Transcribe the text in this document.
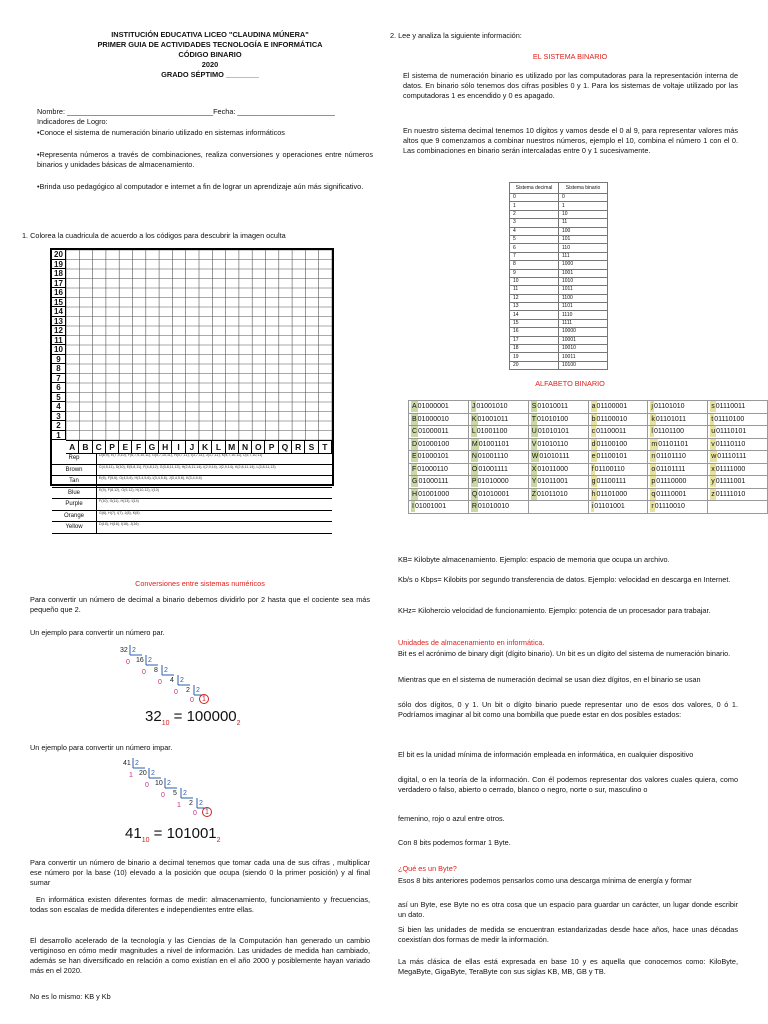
INSTITUCIÓN EDUCATIVA LICEO "CLAUDINA MÚNERA"
PRIMER GUIA DE ACTIVIDADES TECNOLOGÍA E INFORMÁTICA
CÓDIGO BINARIO
2020
GRADO SÉPTIMO ________
Nombre: ____________________________________Fecha: ________________________
Indicadores de Logro:
•Conoce el sistema de numeración binario utilizado en sistemas informáticos
•Representa números a través de combinaciones, realiza conversiones y operaciones entre números binarios y unidades básicas de almacenamiento.
•Brinda uso pedagógico al computador e internet a fin de lograr un aprendizaje aún más significativo.
1. Colorea la cuadricula de acuerdo a los códigos para descubrir la imagen oculta
20
19
18
17
16
15
14
13
12
11
10
9
8
7
6
5
4
3
2
1
A B C P E F G H	I	J K L M N O P Q R S T
Rep	D(8,9), E(7,9,10), F(6,7,9,10,11), G(5,7,10,11), H(4,7,11), I(3,7,11), J(3,7,11), K(4,7,10,11), L(5,7,10,11)
Brown	C(4,5,11), D(10), E(5,8,11), F(4,8,12), G(3,8,11,13), H(2,8,11,14), I(2,9,14), J(2,9,14), K(2,8,11,14), L(3,8,11,13)
Tan	E(6), F(5,6), G(4,5,6), H(3,4,5,6), I(3,4,5,6), J(3,4,5,6), K(3,4,5,6)
Blue	E(9), F(8,12), G(9,12), H(10,12), I(10)
Purple	F(10), G(11), H(13), I(14)
Orange	G(6), H(7), I(7), J(8), K(8)
Yellow	D(15), H(16), I(16), J(16)
Conversiones entre sistemas numéricos
Para convertir un número de decimal a binario debemos dividirlo por 2 hasta que el cociente sea más pequeño que 2.
Un ejemplo para convertir un número par.
32 2
16 2
8 2
4 2
2 2
1
0
0
0
0
0
$32_{10} = 100000_2$
Un ejemplo para convertir un número impar.
41 2
20 2
10 2
5 2
2 2
1
1
0
0
1
0
$41_{10} = 101001_2$
Para convertir un número de binario a decimal tenemos que tomar cada una de sus cifras , multiplicar ese número por la base (10) elevado a la posición que ocupa (siendo 0 la primer posición) y al final sumar
En informática existen diferentes formas de medir: almacenamiento, funcionamiento y frecuencias, todas son escalas de medida diferentes e independientes entre ellas.
El desarrollo acelerado de la tecnología y las Ciencias de la Computación han generado un cambio vertiginoso en cómo medir magnitudes a nivel de información. Las unidades de medida han cambiado, además se han diversificado en relación a como existían en el año 2000 y posiblemente hayan variado más en el 2020.
No es lo mismo: KB y Kb
2. Lee y analiza la siguiente información:
EL SISTEMA BINARIO
El sistema de numeración binario es utilizado por las computadoras para la representación interna de datos. En binario sólo tenemos dos cifras posibles 0 y 1. Para los sistemas de voltaje utilizado por las computadoras 1 es encendido y 0 es apagado.
En nuestro sistema decimal tenemos 10 dígitos y vamos desde el 0 al 9, para representar valores más altos que 9 comenzamos a combinar nuestros números, ejemplo el 10, combina el número 1 con el 0. Las combinaciones en binario serán intercaladas entre 0 y 1 sucesivamente.
Sistema decimal	Sistema binario
0	0
1	1
2	10
3	11
4	100
5	101
6	110
7	111
8	1000
9	1001
10	1010
11	1011
12	1100
13	1101
14	1110
15	1111
16	10000
17	10001
18	10010
19	10011
20	10100
ALFABETO BINARIO
A01000001	J01001010	S01010011	a01100001	j01101010	s01110011
B01000010	K01001011	T01010100	b01100010	k01101011	t01110100
C01000011	L01001100	U01010101	c01100011	l01101100	u01110101
D01000100	M01001101	V01010110	d01100100	m01101101	v01110110
E01000101	N01001110	W01010111	e01100101	n01101110	w01110111
F01000110	O01001111	X01011000	f01100110	o01101111	x01111000
G01000111	P01010000	Y01011001	g01100111	p01110000	y01111001
H01001000	Q01010001	Z01011010	h01101000	q01110001	z01111010
I01001001	R01010010		i01101001	r01110010	
KB= Kilobyte almacenamiento. Ejemplo: espacio de memoria que ocupa un archivo.
Kb/s o Kbps= Kilobits por segundo transferencia de datos. Ejemplo: velocidad en descarga en Internet.
KHz= Kilohercio velocidad de funcionamiento. Ejemplo: potencia de un procesador para trabajar.
Unidades de almacenamiento en informática.
Bit es el acrónimo de binary digit (dígito binario). Un bit es un dígito del sistema de numeración binario.
Mientras que en el sistema de numeración decimal se usan diez dígitos, en el binario se usan
sólo dos dígitos, 0 y 1. Un bit o dígito binario puede representar uno de esos dos valores, 0 ó 1. Podríamos imaginar al bit como una bombilla que puede estar en dos posibles estados:
El bit es la unidad mínima de información empleada en informática, en cualquier dispositivo
digital, o en la teoría de la información. Con él podemos representar dos valores cuales quiera, como verdadero o falso, abierto o cerrado, blanco o negro, norte o sur, masculino o
femenino, rojo o azul entre otros.
Con 8 bits podemos formar 1 Byte.
¿Qué es un Byte?
Esos 8 bits anteriores podemos pensarlos como una descarga mínima de energía y formar
así un Byte, ese Byte no es otra cosa que un espacio para guardar un carácter, un lugar donde escribir un dato.
Si bien las unidades de medida se encuentran estandarizadas desde hace años, hace unas décadas coexistían dos formas de medir la información.
La más clásica de ellas está expresada en base 10 y es aquella que conocemos como: KiloByte, MegaByte, GigaByte, TeraByte con sus siglas KB, MB, GB y TB.
